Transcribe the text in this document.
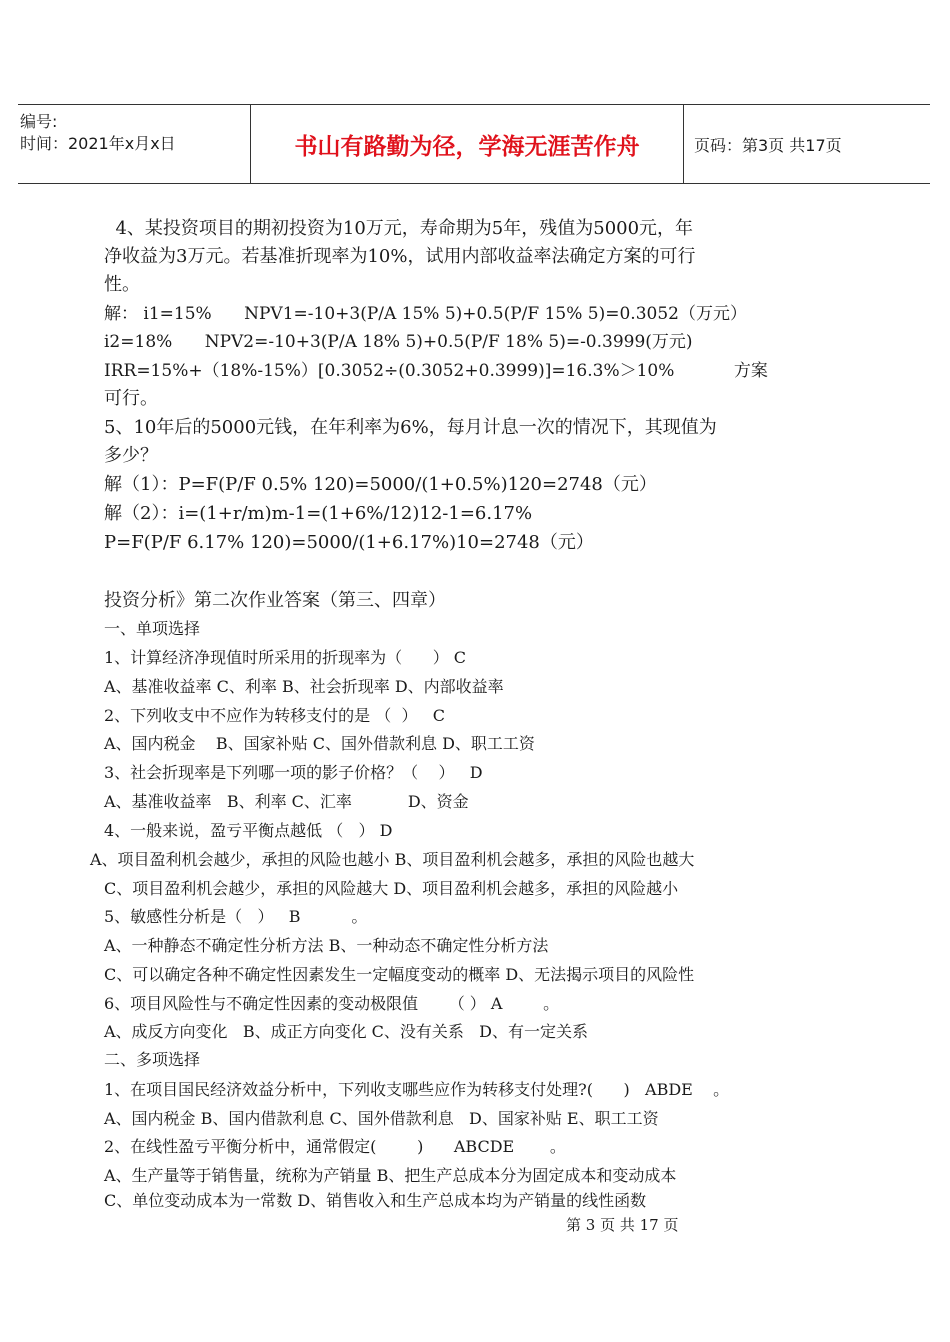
编号:
时间：2021年x月x日	书山有路勤为径，学海无涯苦作舟	页码：第3页 共17页
4、某投资项目的期初投资为10万元，寿命期为5年，残值为5000元，年
净收益为3万元。若基准折现率为10%，试用内部收益率法确定方案的可行
性。
解： i1=15%      NPV1=-10+3(P/A 15% 5)+0.5(P/F 15% 5)=0.3052（万元）
i2=18%      NPV2=-10+3(P/A 18% 5)+0.5(P/F 18% 5)=-0.3999(万元)
IRR=15%+（18%-15%）[0.3052÷(0.3052+0.3999)]=16.3%＞10%           方案
可行。
5、10年后的5000元钱，在年利率为6%，每月计息一次的情况下，其现值为
多少？
解（1）：P=F(P/F 0.5% 120)=5000/(1+0.5%)120=2748（元）
解（2）：i=(1+r/m)m-1=(1+6%/12)12-1=6.17%
P=F(P/F 6.17% 120)=5000/(1+6.17%)10=2748（元）
投资分析》第二次作业答案（第三、四章）
一、单项选择
1、计算经济净现值时所采用的折现率为（      ） C
A、基准收益率 C、利率 B、社会折现率 D、内部收益率
2、下列收支中不应作为转移支付的是 （  ）   C
A、国内税金    B、国家补贴 C、国外借款利息 D、职工工资
3、社会折现率是下列哪一项的影子价格？（    ）   D
A、基准收益率   B、利率 C、汇率           D、资金
4、一般来说，盈亏平衡点越低 （   ） D
A、项目盈利机会越少，承担的风险也越小 B、项目盈利机会越多，承担的风险也越大
C、项目盈利机会越少，承担的风险越大 D、项目盈利机会越多，承担的风险越小
5、敏感性分析是（   ）   B          。
A、一种静态不确定性分析方法 B、一种动态不确定性分析方法
C、可以确定各种不确定性因素发生一定幅度变动的概率 D、无法揭示项目的风险性
6、项目风险性与不确定性因素的变动极限值      （ ） A        。
A、成反方向变化   B、成正方向变化 C、没有关系   D、有一定关系
二、多项选择
1、在项目国民经济效益分析中，下列收支哪些应作为转移支付处理?(      )   ABDE    。
A、国内税金 B、国内借款利息 C、国外借款利息   D、国家补贴 E、职工工资
2、在线性盈亏平衡分析中，通常假定(        )      ABCDE       。
A、生产量等于销售量，统称为产销量 B、把生产总成本分为固定成本和变动成本
C、单位变动成本为一常数 D、销售收入和生产总成本均为产销量的线性函数
第 3 页 共 17 页
